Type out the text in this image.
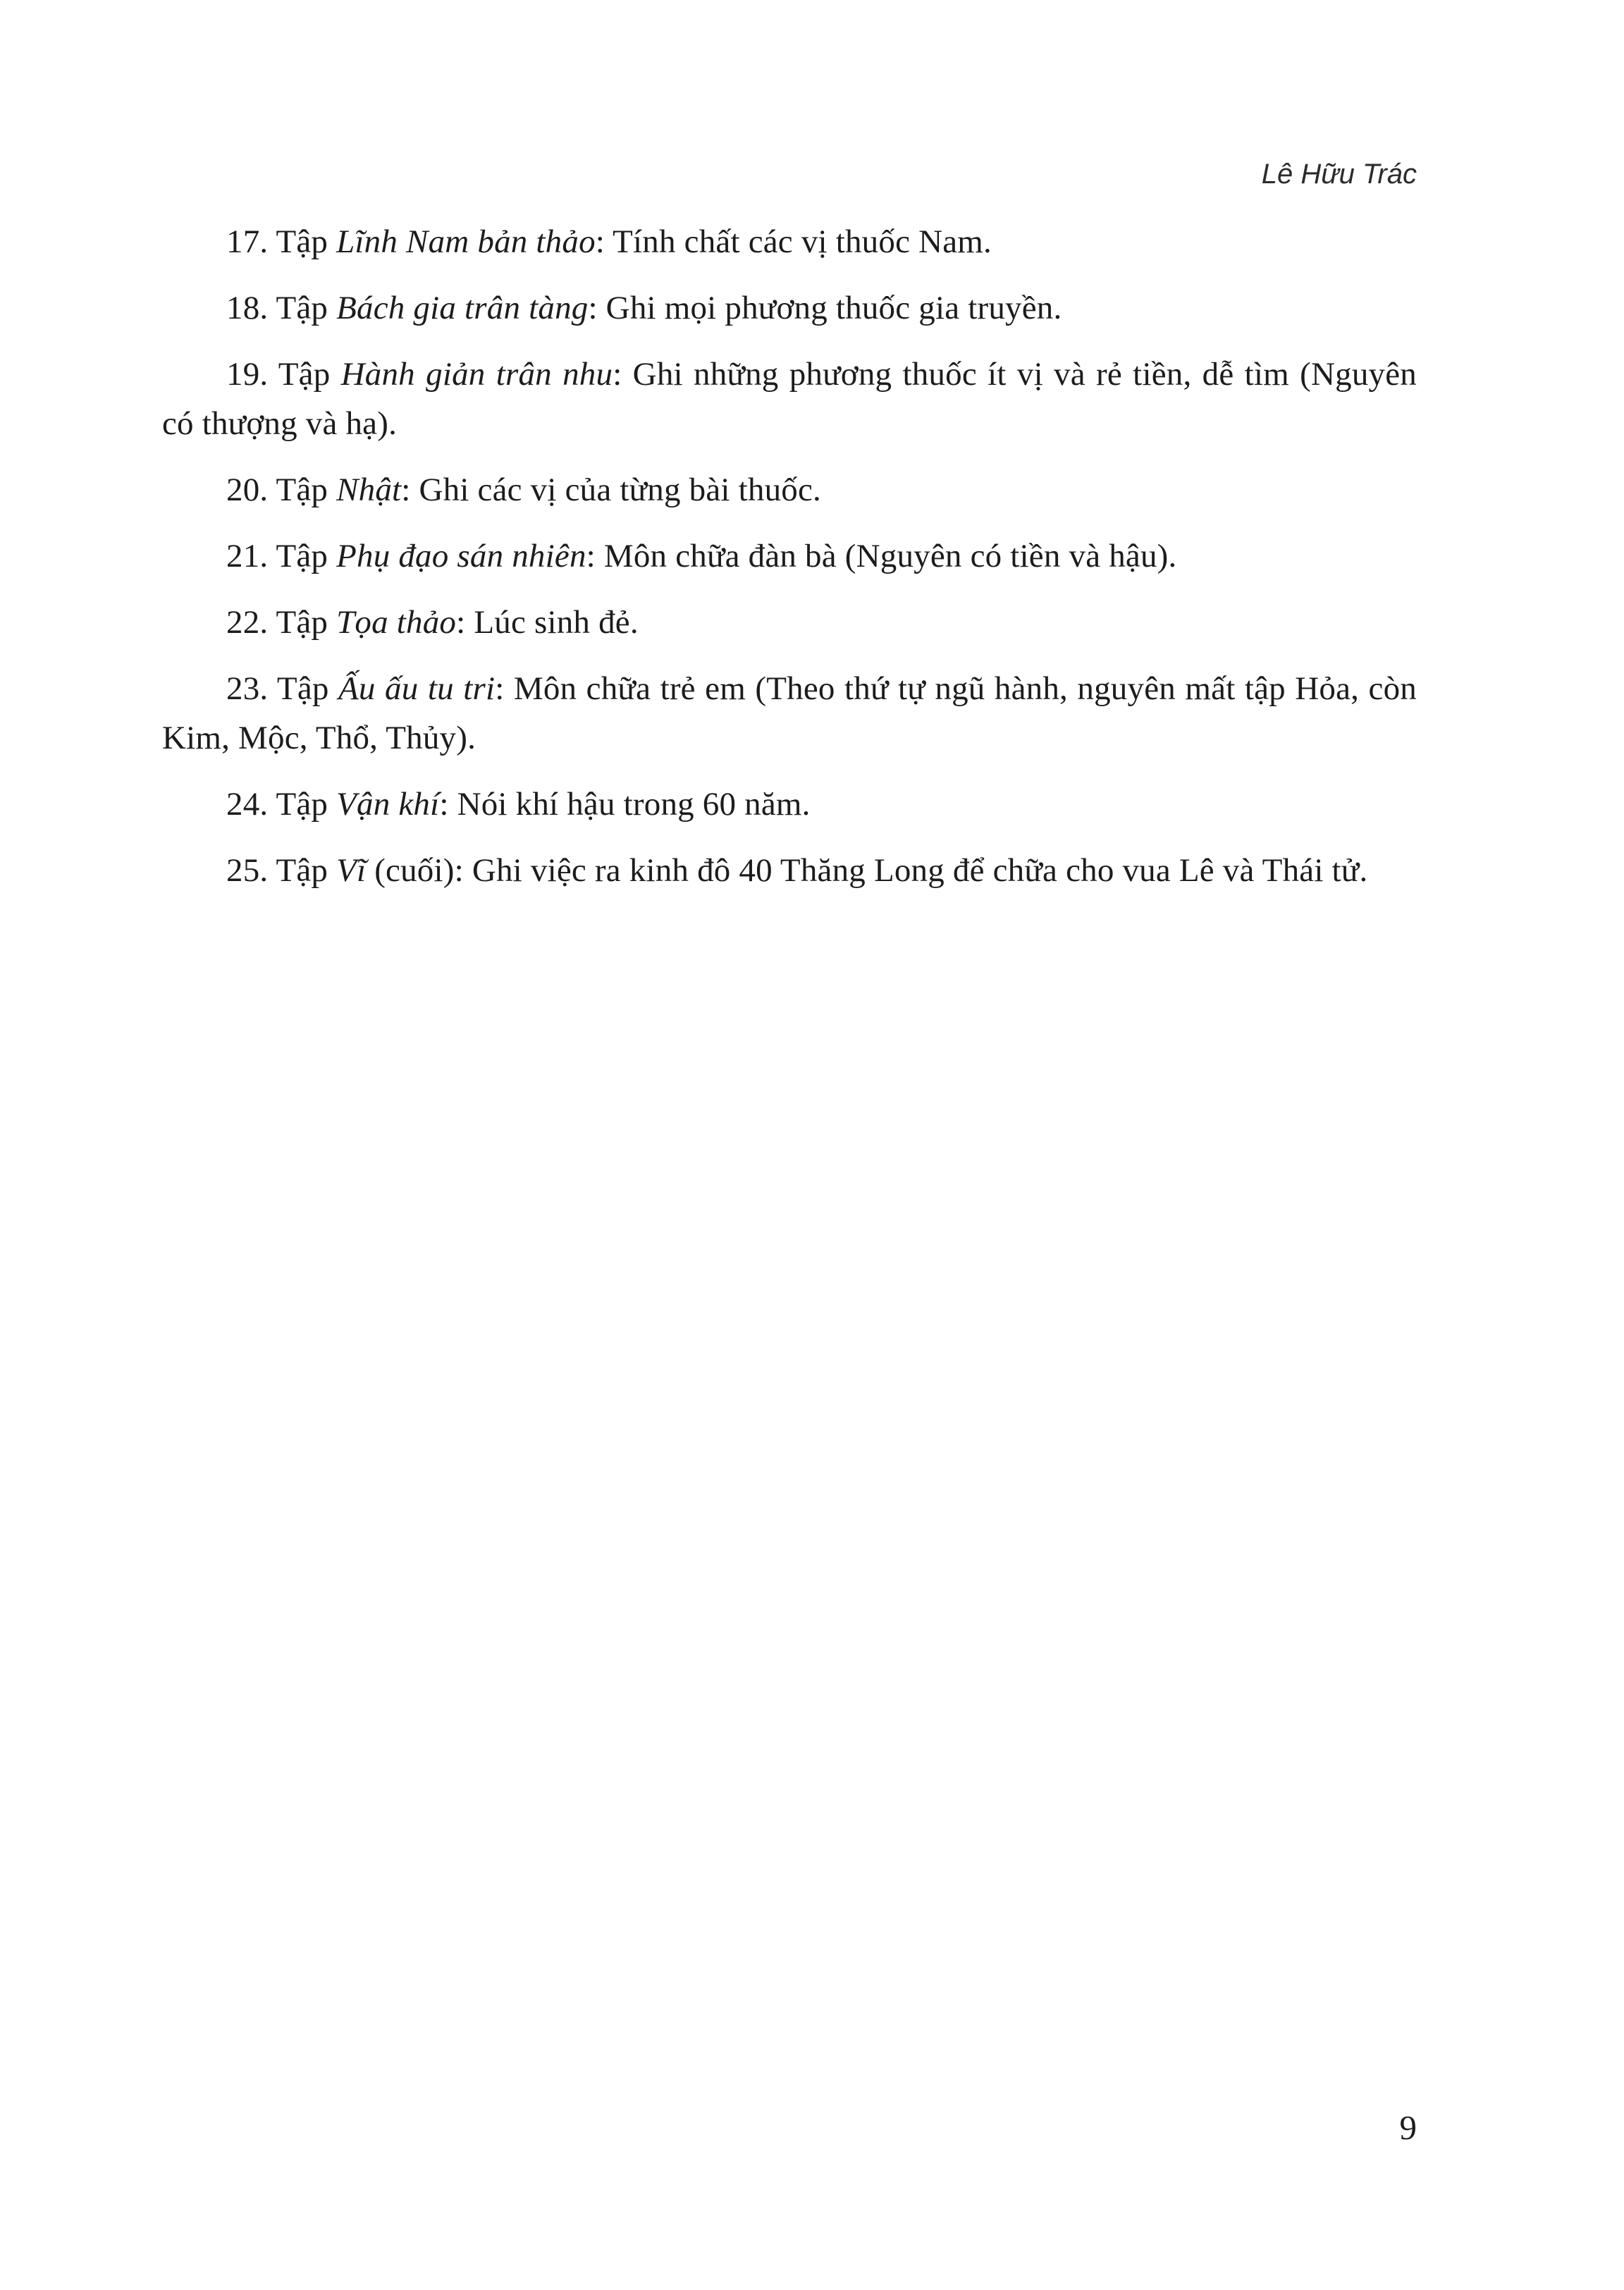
Lê Hữu Trác

17. Tập Lĩnh Nam bản thảo: Tính chất các vị thuốc Nam.

18. Tập Bách gia trân tàng: Ghi mọi phương thuốc gia truyền.

19. Tập Hành giản trân nhu: Ghi những phương thuốc ít vị và rẻ tiền, dễ tìm (Nguyên có thượng và hạ).

20. Tập Nhật: Ghi các vị của từng bài thuốc.

21. Tập Phụ đạo sán nhiên: Môn chữa đàn bà (Nguyên có tiền và hậu).

22. Tập Tọa thảo: Lúc sinh đẻ.

23. Tập Ấu ấu tu tri: Môn chữa trẻ em (Theo thứ tự ngũ hành, nguyên mất tập Hỏa, còn Kim, Mộc, Thổ, Thủy).

24. Tập Vận khí: Nói khí hậu trong 60 năm.

25. Tập Vĩ (cuối): Ghi việc ra kinh đô 40 Thăng Long để chữa cho vua Lê và Thái tử.

9
